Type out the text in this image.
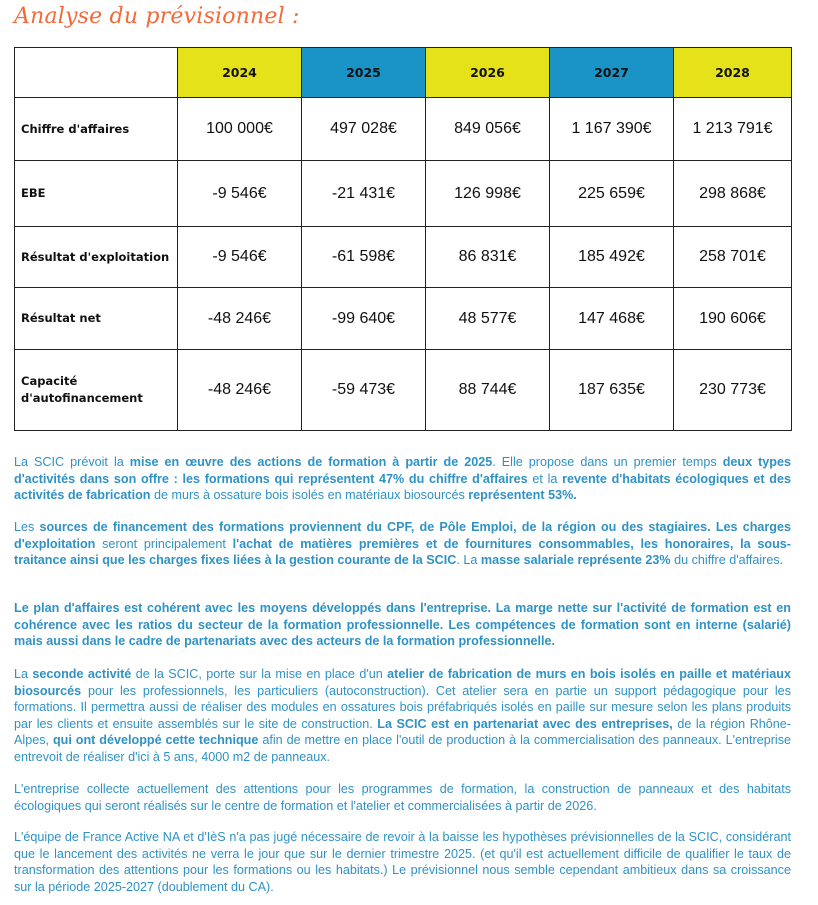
Analyse du prévisionnel :
	2024	2025	2026	2027	2028
Chiffre d'affaires	100 000€	497 028€	849 056€	1 167 390€	1 213 791€
EBE	-9 546€	-21 431€	126 998€	225 659€	298 868€
Résultat d'exploitation	-9 546€	-61 598€	86 831€	185 492€	258 701€
Résultat net	-48 246€	-99 640€	48 577€	147 468€	190 606€
Capacité d'autofinancement	-48 246€	-59 473€	88 744€	187 635€	230 773€
La SCIC prévoit la mise en œuvre des actions de formation à partir de 2025. Elle propose dans un premier temps deux types d'activités dans son offre : les formations qui représentent 47% du chiffre d'affaires et la revente d'habitats écologiques et des activités de fabrication de murs à ossature bois isolés en matériaux biosourcés représentent 53%.
Les sources de financement des formations proviennent du CPF, de Pôle Emploi, de la région ou des stagiaires. Les charges d'exploitation seront principalement l'achat de matières premières et de fournitures consommables, les honoraires, la sous-traitance ainsi que les charges fixes liées à la gestion courante de la SCIC. La masse salariale représente 23% du chiffre d'affaires.
Le plan d'affaires est cohérent avec les moyens développés dans l'entreprise. La marge nette sur l'activité de formation est en cohérence avec les ratios du secteur de la formation professionnelle. Les compétences de formation sont en interne (salarié) mais aussi dans le cadre de partenariats avec des acteurs de la formation professionnelle.
La seconde activité de la SCIC, porte sur la mise en place d'un atelier de fabrication de murs en bois isolés en paille et matériaux biosourcés pour les professionnels, les particuliers (autoconstruction). Cet atelier sera en partie un support pédagogique pour les formations. Il permettra aussi de réaliser des modules en ossatures bois préfabriqués isolés en paille sur mesure selon les plans produits par les clients et ensuite assemblés sur le site de construction. La SCIC est en partenariat avec des entreprises, de la région Rhône-Alpes, qui ont développé cette technique afin de mettre en place l'outil de production à la commercialisation des panneaux. L'entreprise entrevoit de réaliser d'ici à 5 ans, 4000 m2 de panneaux.
L'entreprise collecte actuellement des attentions pour les programmes de formation, la construction de panneaux et des habitats écologiques qui seront réalisés sur le centre de formation et l'atelier et commercialisées à partir de 2026.
L'équipe de France Active NA et d'IèS n'a pas jugé nécessaire de revoir à la baisse les hypothèses prévisionnelles de la SCIC, considérant que le lancement des activités ne verra le jour que sur le dernier trimestre 2025. (et qu'il est actuellement difficile de qualifier le taux de transformation des attentions pour les formations ou les habitats.) Le prévisionnel nous semble cependant ambitieux dans sa croissance sur la période 2025-2027 (doublement du CA).
